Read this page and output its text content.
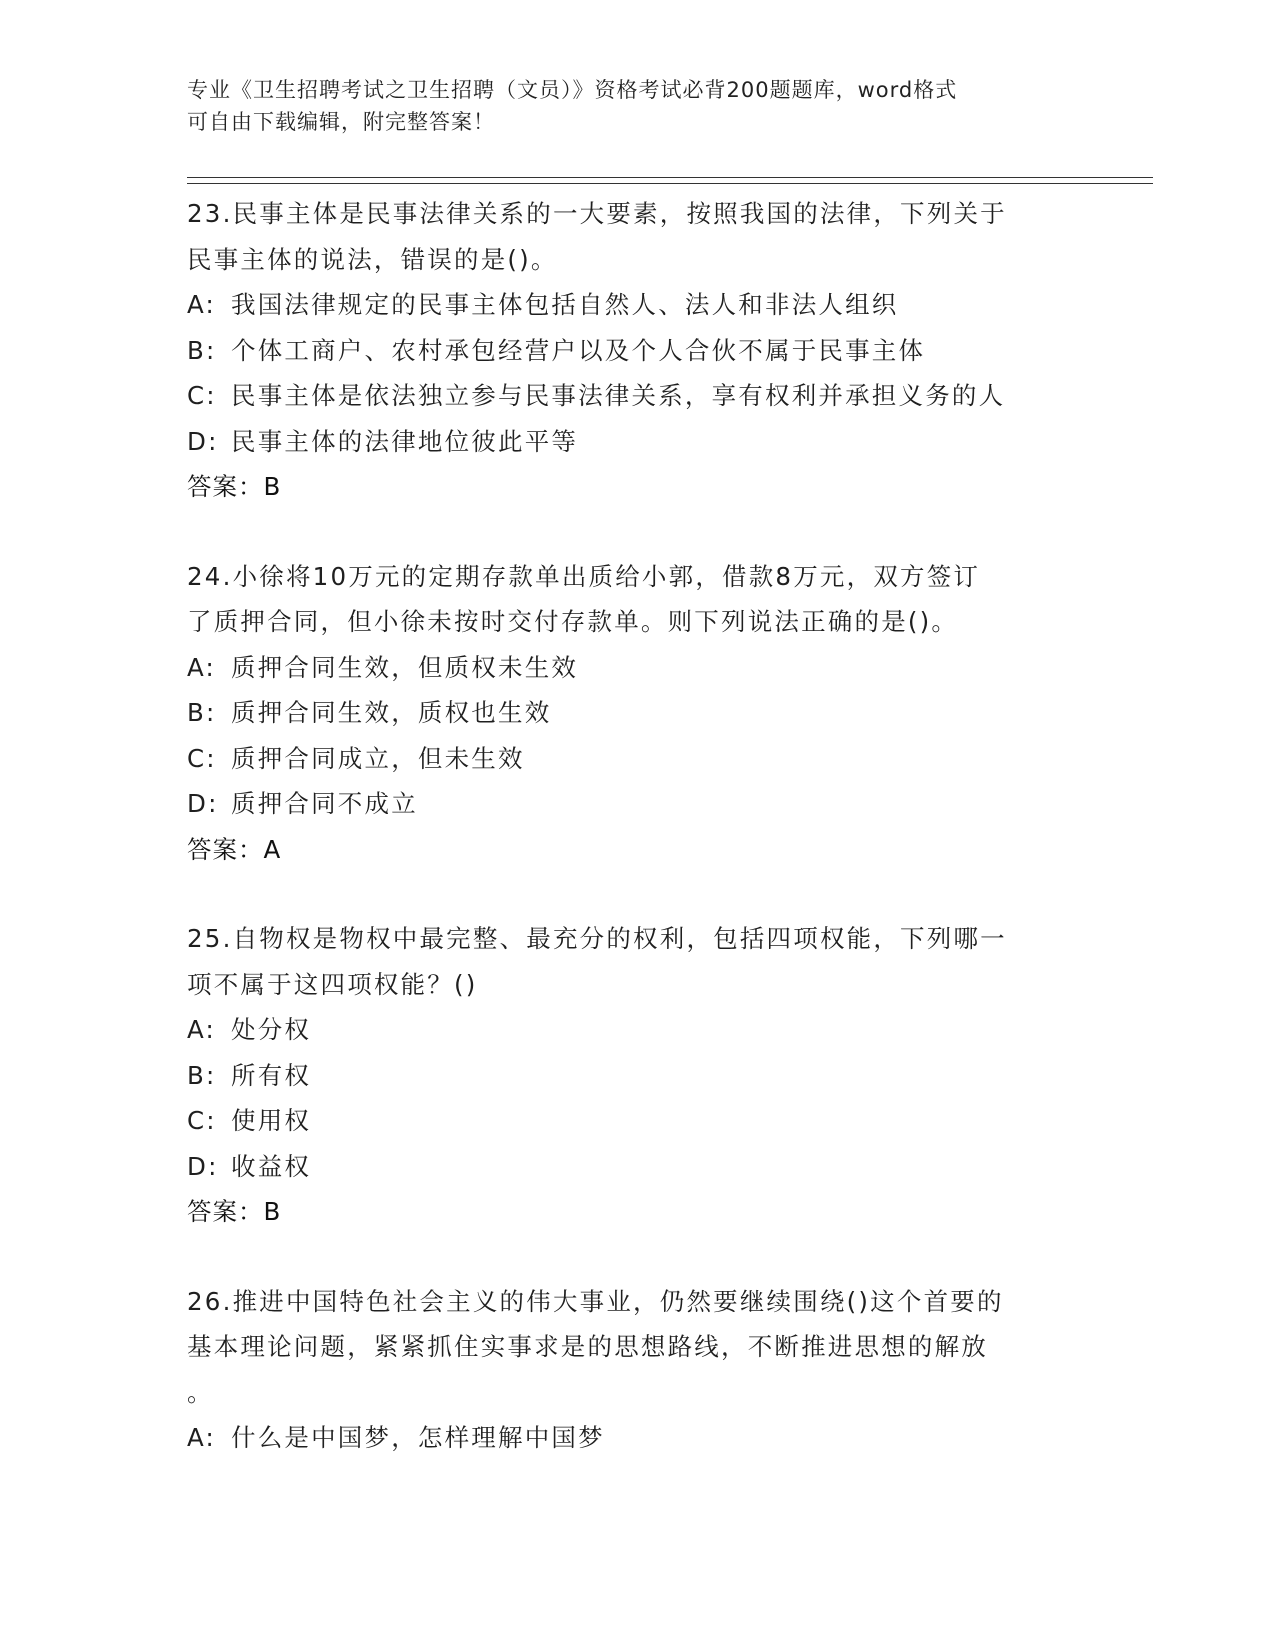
专业《卫生招聘考试之卫生招聘（文员）》资格考试必背200题题库，word格式
可自由下载编辑，附完整答案！
23.民事主体是民事法律关系的一大要素，按照我国的法律，下列关于
民事主体的说法，错误的是()。
A: 我国法律规定的民事主体包括自然人、法人和非法人组织
B: 个体工商户、农村承包经营户以及个人合伙不属于民事主体
C: 民事主体是依法独立参与民事法律关系，享有权利并承担义务的人
D: 民事主体的法律地位彼此平等
答案：B
24.小徐将10万元的定期存款单出质给小郭，借款8万元，双方签订
了质押合同，但小徐未按时交付存款单。则下列说法正确的是()。
A: 质押合同生效，但质权未生效
B: 质押合同生效，质权也生效
C: 质押合同成立，但未生效
D: 质押合同不成立
答案：A
25.自物权是物权中最完整、最充分的权利，包括四项权能，下列哪一
项不属于这四项权能？()
A: 处分权
B: 所有权
C: 使用权
D: 收益权
答案：B
26.推进中国特色社会主义的伟大事业，仍然要继续围绕()这个首要的
基本理论问题，紧紧抓住实事求是的思想路线，不断推进思想的解放
。
A: 什么是中国梦，怎样理解中国梦
